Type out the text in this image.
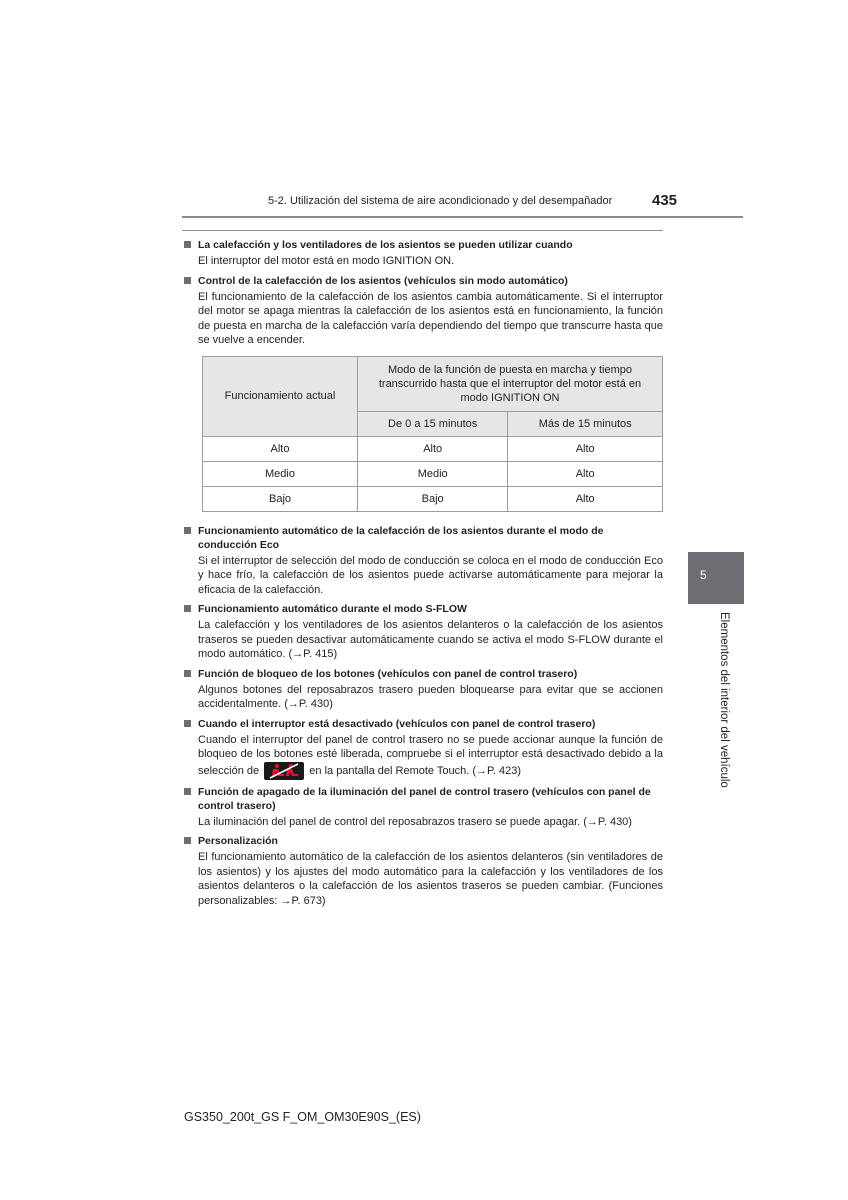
5-2. Utilización del sistema de aire acondicionado y del desempañador	435

La calefacción y los ventiladores de los asientos se pueden utilizar cuando

El interruptor del motor está en modo IGNITION ON.

Control de la calefacción de los asientos (vehículos sin modo automático)

El funcionamiento de la calefacción de los asientos cambia automáticamente. Si el interruptor del motor se apaga mientras la calefacción de los asientos está en funcionamiento, la función de puesta en marcha de la calefacción varía dependiendo del tiempo que transcurre hasta que se vuelve a encender.

Funcionamiento actual	Modo de la función de puesta en marcha y tiempo transcurrido hasta que el interruptor del motor está en modo IGNITION ON	
	De 0 a 15 minutos	Más de 15 minutos
Alto	Alto	Alto
Medio	Medio	Alto
Bajo	Bajo	Alto

Funcionamiento automático de la calefacción de los asientos durante el modo de conducción Eco

Si el interruptor de selección del modo de conducción se coloca en el modo de conducción Eco y hace frío, la calefacción de los asientos puede activarse automáticamente para mejorar la eficacia de la calefacción.

Funcionamiento automático durante el modo S-FLOW

La calefacción y los ventiladores de los asientos delanteros o la calefacción de los asientos traseros se pueden desactivar automáticamente cuando se activa el modo S-FLOW durante el modo automático. (→P. 415)

Función de bloqueo de los botones (vehículos con panel de control trasero)

Algunos botones del reposabrazos trasero pueden bloquearse para evitar que se accionen accidentalmente. (→P. 430)

Cuando el interruptor está desactivado (vehículos con panel de control trasero)

Cuando el interruptor del panel de control trasero no se puede accionar aunque la función de bloqueo de los botones esté liberada, compruebe si el interruptor está desactivado debido a la selección de	en la pantalla del Remote Touch. (→P. 423)

Función de apagado de la iluminación del panel de control trasero (vehículos con panel de control trasero)

La iluminación del panel de control del reposabrazos trasero se puede apagar. (→P. 430)

Personalización

El funcionamiento automático de la calefacción de los asientos delanteros (sin ventiladores de los asientos) y los ajustes del modo automático para la calefacción y los ventiladores de los asientos delanteros o la calefacción de los asientos traseros se pueden cambiar. (Funciones personalizables: →P. 673)

5
Elementos del interior del vehículo
GS350_200t_GS F_OM_OM30E90S_(ES)
